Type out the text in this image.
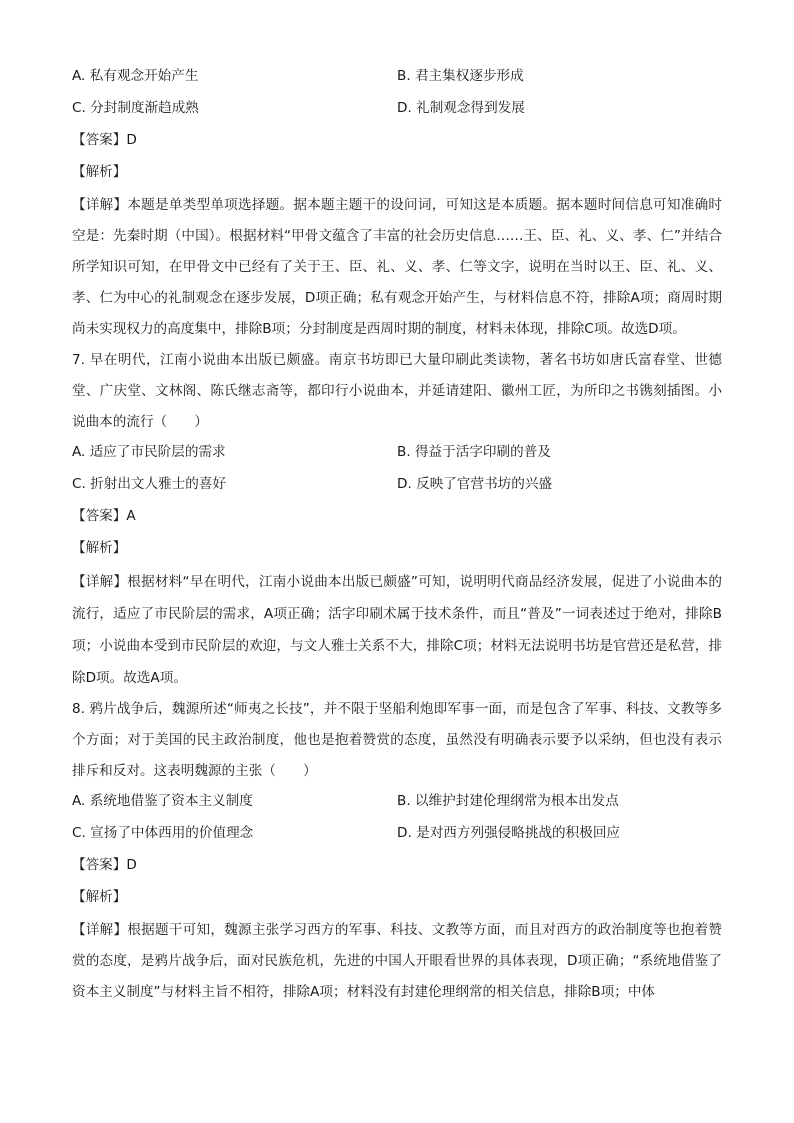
A. 私有观念开始产生	B. 君主集权逐步形成
C. 分封制度渐趋成熟	D. 礼制观念得到发展
【答案】D
【解析】

【详解】本题是单类型单项选择题。据本题主题干的设问词，可知这是本质题。据本题时间信息可知准确时空是：先秦时期（中国）。根据材料“甲骨文蕴含了丰富的社会历史信息……王、臣、礼、义、孝、仁”并结合所学知识可知，在甲骨文中已经有了关于王、臣、礼、义、孝、仁等文字，说明在当时以王、臣、礼、义、孝、仁为中心的礼制观念在逐步发展，D项正确；私有观念开始产生，与材料信息不符，排除A项；商周时期尚未实现权力的高度集中，排除B项；分封制度是西周时期的制度，材料未体现，排除C项。故选D项。

7. 早在明代，江南小说曲本出版已颇盛。南京书坊即已大量印刷此类读物，著名书坊如唐氏富春堂、世德堂、广庆堂、文林阁、陈氏继志斋等，都印行小说曲本，并延请建阳、徽州工匠，为所印之书镌刻插图。小说曲本的流行（　　）

A. 适应了市民阶层的需求	B. 得益于活字印刷的普及
C. 折射出文人雅士的喜好	D. 反映了官营书坊的兴盛
【答案】A
【解析】

【详解】根据材料“早在明代，江南小说曲本出版已颇盛”可知，说明明代商品经济发展，促进了小说曲本的流行，适应了市民阶层的需求，A项正确；活字印刷术属于技术条件，而且“普及”一词表述过于绝对，排除B项；小说曲本受到市民阶层的欢迎，与文人雅士关系不大，排除C项；材料无法说明书坊是官营还是私营，排除D项。故选A项。

8. 鸦片战争后，魏源所述“师夷之长技”，并不限于坚船利炮即军事一面，而是包含了军事、科技、文教等多个方面；对于美国的民主政治制度，他也是抱着赞赏的态度，虽然没有明确表示要予以采纳，但也没有表示排斥和反对。这表明魏源的主张（　　）

A. 系统地借鉴了资本主义制度	B. 以维护封建伦理纲常为根本出发点
C. 宣扬了中体西用的价值理念	D. 是对西方列强侵略挑战的积极回应
【答案】D
【解析】

【详解】根据题干可知，魏源主张学习西方的军事、科技、文教等方面，而且对西方的政治制度等也抱着赞赏的态度，是鸦片战争后，面对民族危机，先进的中国人开眼看世界的具体表现，D项正确；“系统地借鉴了资本主义制度”与材料主旨不相符，排除A项；材料没有封建伦理纲常的相关信息，排除B项；中体
